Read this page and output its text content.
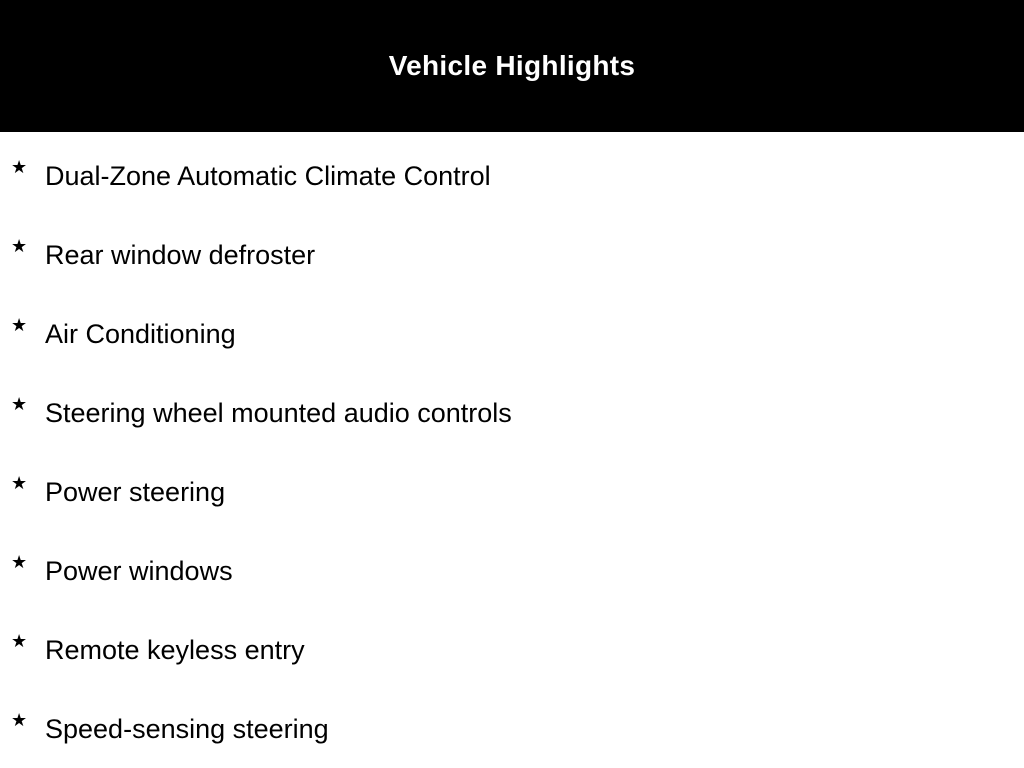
Vehicle Highlights
★ Dual-Zone Automatic Climate Control
★ Rear window defroster
★ Air Conditioning
★ Steering wheel mounted audio controls
★ Power steering
★ Power windows
★ Remote keyless entry
★ Speed-sensing steering
